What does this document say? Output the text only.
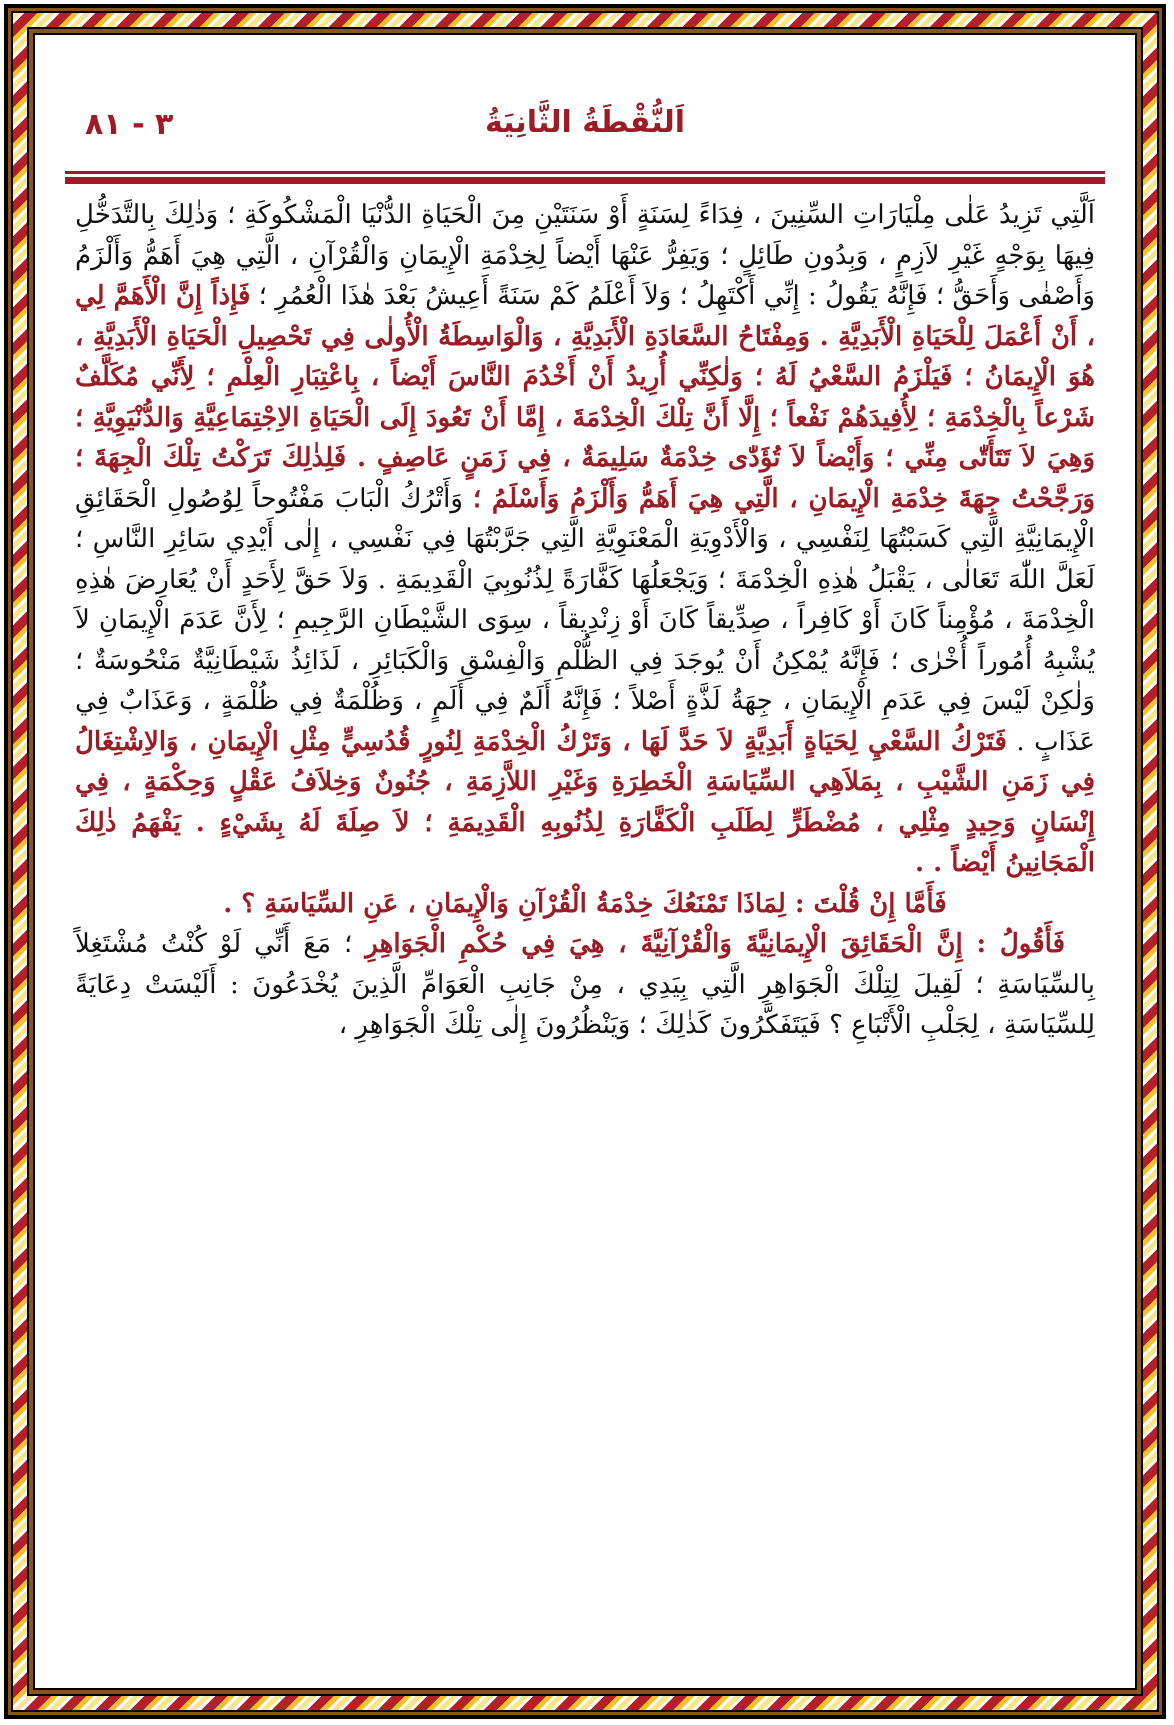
اَلنُّقْطَةُ الثَّانِيَةُ
٣ - ٨١

اَلَّتِي تَزِيدُ عَلٰى مِلْيَارَاتِ السِّنِينَ ، فِدَاءً لِسَنَةٍ أَوْ سَنَتَيْنِ مِنَ الْحَيَاةِ الدُّنْيَا الْمَشْكُوكَةِ ؛ وَذٰلِكَ بِالتَّدَخُّلِ فِيهَا بِوَجْهٍ غَيْرِ لاَزِمٍ ، وَبِدُونِ طَائِلٍ ؛ وَيَفِرُّ عَنْهَا أَيْضاً لِخِدْمَةِ الْإِيمَانِ وَالْقُرْآنِ ، الَّتِي هِيَ أَهَمُّ وَأَلْزَمُ وَأَصْفٰى وَأَحَقُّ ؛ فَإِنَّهُ يَقُولُ : إِنِّي أَكْتَهِلُ ؛ وَلاَ أَعْلَمُ كَمْ سَنَةً أَعِيشُ بَعْدَ هٰذَا الْعُمُرِ ؛ فَإِذاً إِنَّ الْأَهَمَّ لِي ، أَنْ أَعْمَلَ لِلْحَيَاةِ الْأَبَدِيَّةِ . وَمِفْتَاحُ السَّعَادَةِ الْأَبَدِيَّةِ ، وَالْوَاسِطَةُ الْأُولٰى فِي تَحْصِيلِ الْحَيَاةِ الْأَبَدِيَّةِ ، هُوَ الْإِيمَانُ ؛ فَيَلْزَمُ السَّعْيُ لَهُ ؛ وَلٰكِنِّي أُرِيدُ أَنْ أَخْدُمَ النَّاسَ أَيْضاً ، بِاعْتِبَارِ الْعِلْمِ ؛ لِأَنِّي مُكَلَّفٌ شَرْعاً بِالْخِدْمَةِ ؛ لِأُفِيدَهُمْ نَفْعاً ؛ إِلَّا أَنَّ تِلْكَ الْخِدْمَةَ ، إِمَّا أَنْ تَعُودَ إِلَى الْحَيَاةِ الاِجْتِمَاعِيَّةِ وَالدُّنْيَوِيَّةِ ؛ وَهِيَ لاَ تَتَأَتّٰى مِنِّي ؛ وَأَيْضاً لاَ تُؤَدّٰى خِدْمَةٌ سَلِيمَةٌ ، فِي زَمَنٍ عَاصِفٍ . فَلِذٰلِكَ تَرَكْتُ تِلْكَ الْجِهَةَ ؛ وَرَجَّحْتُ جِهَةَ خِدْمَةِ الْإِيمَانِ ، الَّتِي هِيَ أَهَمُّ وَأَلْزَمُ وَأَسْلَمُ ؛ وَأَتْرُكُ الْبَابَ مَفْتُوحاً لِوُصُولِ الْحَقَائِقِ الْإِيمَانِيَّةِ الَّتِي كَسَبْتُهَا لِنَفْسِي ، وَالْأَدْوِيَةِ الْمَعْنَوِيَّةِ الَّتِي جَرَّبْتُهَا فِي نَفْسِي ، إِلٰى أَيْدِي سَائِرِ النَّاسِ ؛ لَعَلَّ اللّٰهَ تَعَالٰى ، يَقْبَلُ هٰذِهِ الْخِدْمَةَ ؛ وَيَجْعَلُهَا كَفَّارَةً لِذُنُوبِيَ الْقَدِيمَةِ . وَلاَ حَقَّ لِأَحَدٍ أَنْ يُعَارِضَ هٰذِهِ الْخِدْمَةَ ، مُؤْمِناً كَانَ أَوْ كَافِراً ، صِدِّيقاً كَانَ أَوْ زِنْدِيقاً ، سِوَى الشَّيْطَانِ الرَّجِيمِ ؛ لِأَنَّ عَدَمَ الْإِيمَانِ لاَ يُشْبِهُ أُمُوراً أُخْرٰى ؛ فَإِنَّهُ يُمْكِنُ أَنْ يُوجَدَ فِي الظُّلْمِ وَالْفِسْقِ وَالْكَبَائِرِ ، لَذَائِذُ شَيْطَانِيَّةٌ مَنْحُوسَةٌ ؛ وَلٰكِنْ لَيْسَ فِي عَدَمِ الْإِيمَانِ ، جِهَةُ لَذَّةٍ أَصْلاً ؛ فَإِنَّهُ أَلَمٌ فِي أَلَمٍ ، وَظُلْمَةٌ فِي ظُلْمَةٍ ، وَعَذَابٌ فِي عَذَابٍ . فَتَرْكُ السَّعْيِ لِحَيَاةٍ أَبَدِيَّةٍ لاَ حَدَّ لَهَا ، وَتَرْكُ الْخِدْمَةِ لِنُورٍ قُدُسِيٍّ مِثْلِ الْإِيمَانِ ، وَالاِشْتِغَالُ فِي زَمَنِ الشَّيْبِ ، بِمَلاَهِي السِّيَاسَةِ الْخَطِرَةِ وَغَيْرِ اللاَّزِمَةِ ، جُنُونٌ وَخِلاَفُ عَقْلٍ وَحِكْمَةٍ ، فِي إِنْسَانٍ وَحِيدٍ مِثْلِي ، مُضْطَرٍّ لِطَلَبِ الْكَفَّارَةِ لِذُنُوبِهِ الْقَدِيمَةِ ؛ لاَ صِلَةَ لَهُ بِشَيْءٍ . يَفْهَمُ ذٰلِكَ الْمَجَانِينُ أَيْضاً . .

فَأَمَّا إِنْ قُلْتَ : لِمَاذَا تَمْنَعُكَ خِدْمَةُ الْقُرْآنِ وَالْإِيمَانِ ، عَنِ السِّيَاسَةِ ؟ .

فَأَقُولُ : إِنَّ الْحَقَائِقَ الْإِيمَانِيَّةَ وَالْقُرْآنِيَّةَ ، هِيَ فِي حُكْمِ الْجَوَاهِرِ ؛ مَعَ أَنِّي لَوْ كُنْتُ مُشْتَغِلاً بِالسِّيَاسَةِ ؛ لَقِيلَ لِتِلْكَ الْجَوَاهِرِ الَّتِي بِيَدِي ، مِنْ جَانِبِ الْعَوَامِّ الَّذِينَ يُخْدَعُونَ : أَلَيْسَتْ دِعَايَةً لِلسِّيَاسَةِ ، لِجَلْبِ الْأَتْبَاعِ ؟ فَيَتَفَكَّرُونَ كَذٰلِكَ ؛ وَيَنْظُرُونَ إِلٰى تِلْكَ الْجَوَاهِرِ ،
